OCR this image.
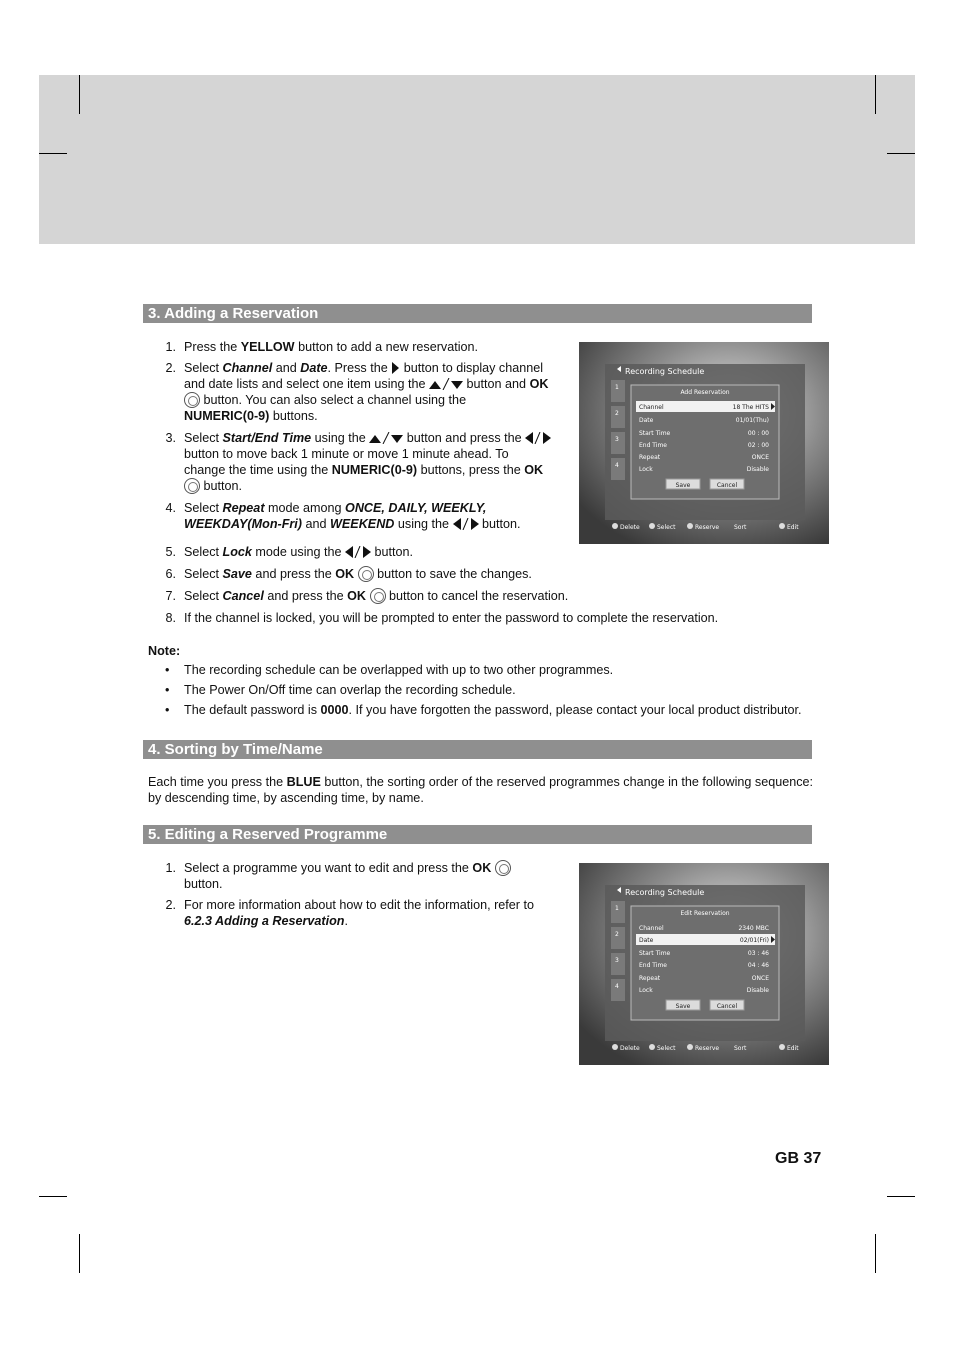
3. Adding a Reservation
1. Press the YELLOW button to add a new reservation.
2. Select Channel and Date. Press the  button to display channel
and date lists and select one item using the	button and OK
button. You can also select a channel using the
NUMERIC(0-9) buttons.
3. Select Start/End Time using the	button and press the
button to move back 1 minute or move 1 minute ahead. To
change the time using the NUMERIC(0-9) buttons, press the OK
button.
4. Select Repeat mode among ONCE, DAILY, WEEKLY,
WEEKDAY(Mon-Fri) and WEEKEND using the  button.
5. Select Lock mode using the  button.
6. Select Save and press the OK  button to save the changes.
7. Select Cancel and press the OK  button to cancel the reservation.
8. If the channel is locked, you will be prompted to enter the password to complete the reservation.
Note:
• The recording schedule can be overlapped with up to two other programmes.
• The Power On/Off time can overlap the recording schedule.
• The default password is 0000. If you have forgotten the password, please contact your local product distributor.
4. Sorting by Time/Name
Each time you press the BLUE button, the sorting order of the reserved programmes change in the following sequence:
by descending time, by ascending time, by name.
5. Editing a Reserved Programme
1. Select a programme you want to edit and press the OK
button.
2. For more information about how to edit the information, refer to
6.2.3 Adding a Reservation.
Recording Schedule
1
2
3
4
Add Reservation
Channel	18 The HITS
Date	01/01(Thu)
Start Time	00 : 00
End Time	02 : 00
Repeat	ONCE
Lock	Disable
Save	Cancel
Delete	Select	Reserve Sort	Edit
Recording Schedule
1
2
3
4
Edit Reservation
Channel	2340 MBC
Date	02/01(Fri)
Start Time	03 : 46
End Time	04 : 46
Repeat	ONCE
Lock	Disable
Save	Cancel
Delete	Select	Reserve Sort	Edit
GB 37
